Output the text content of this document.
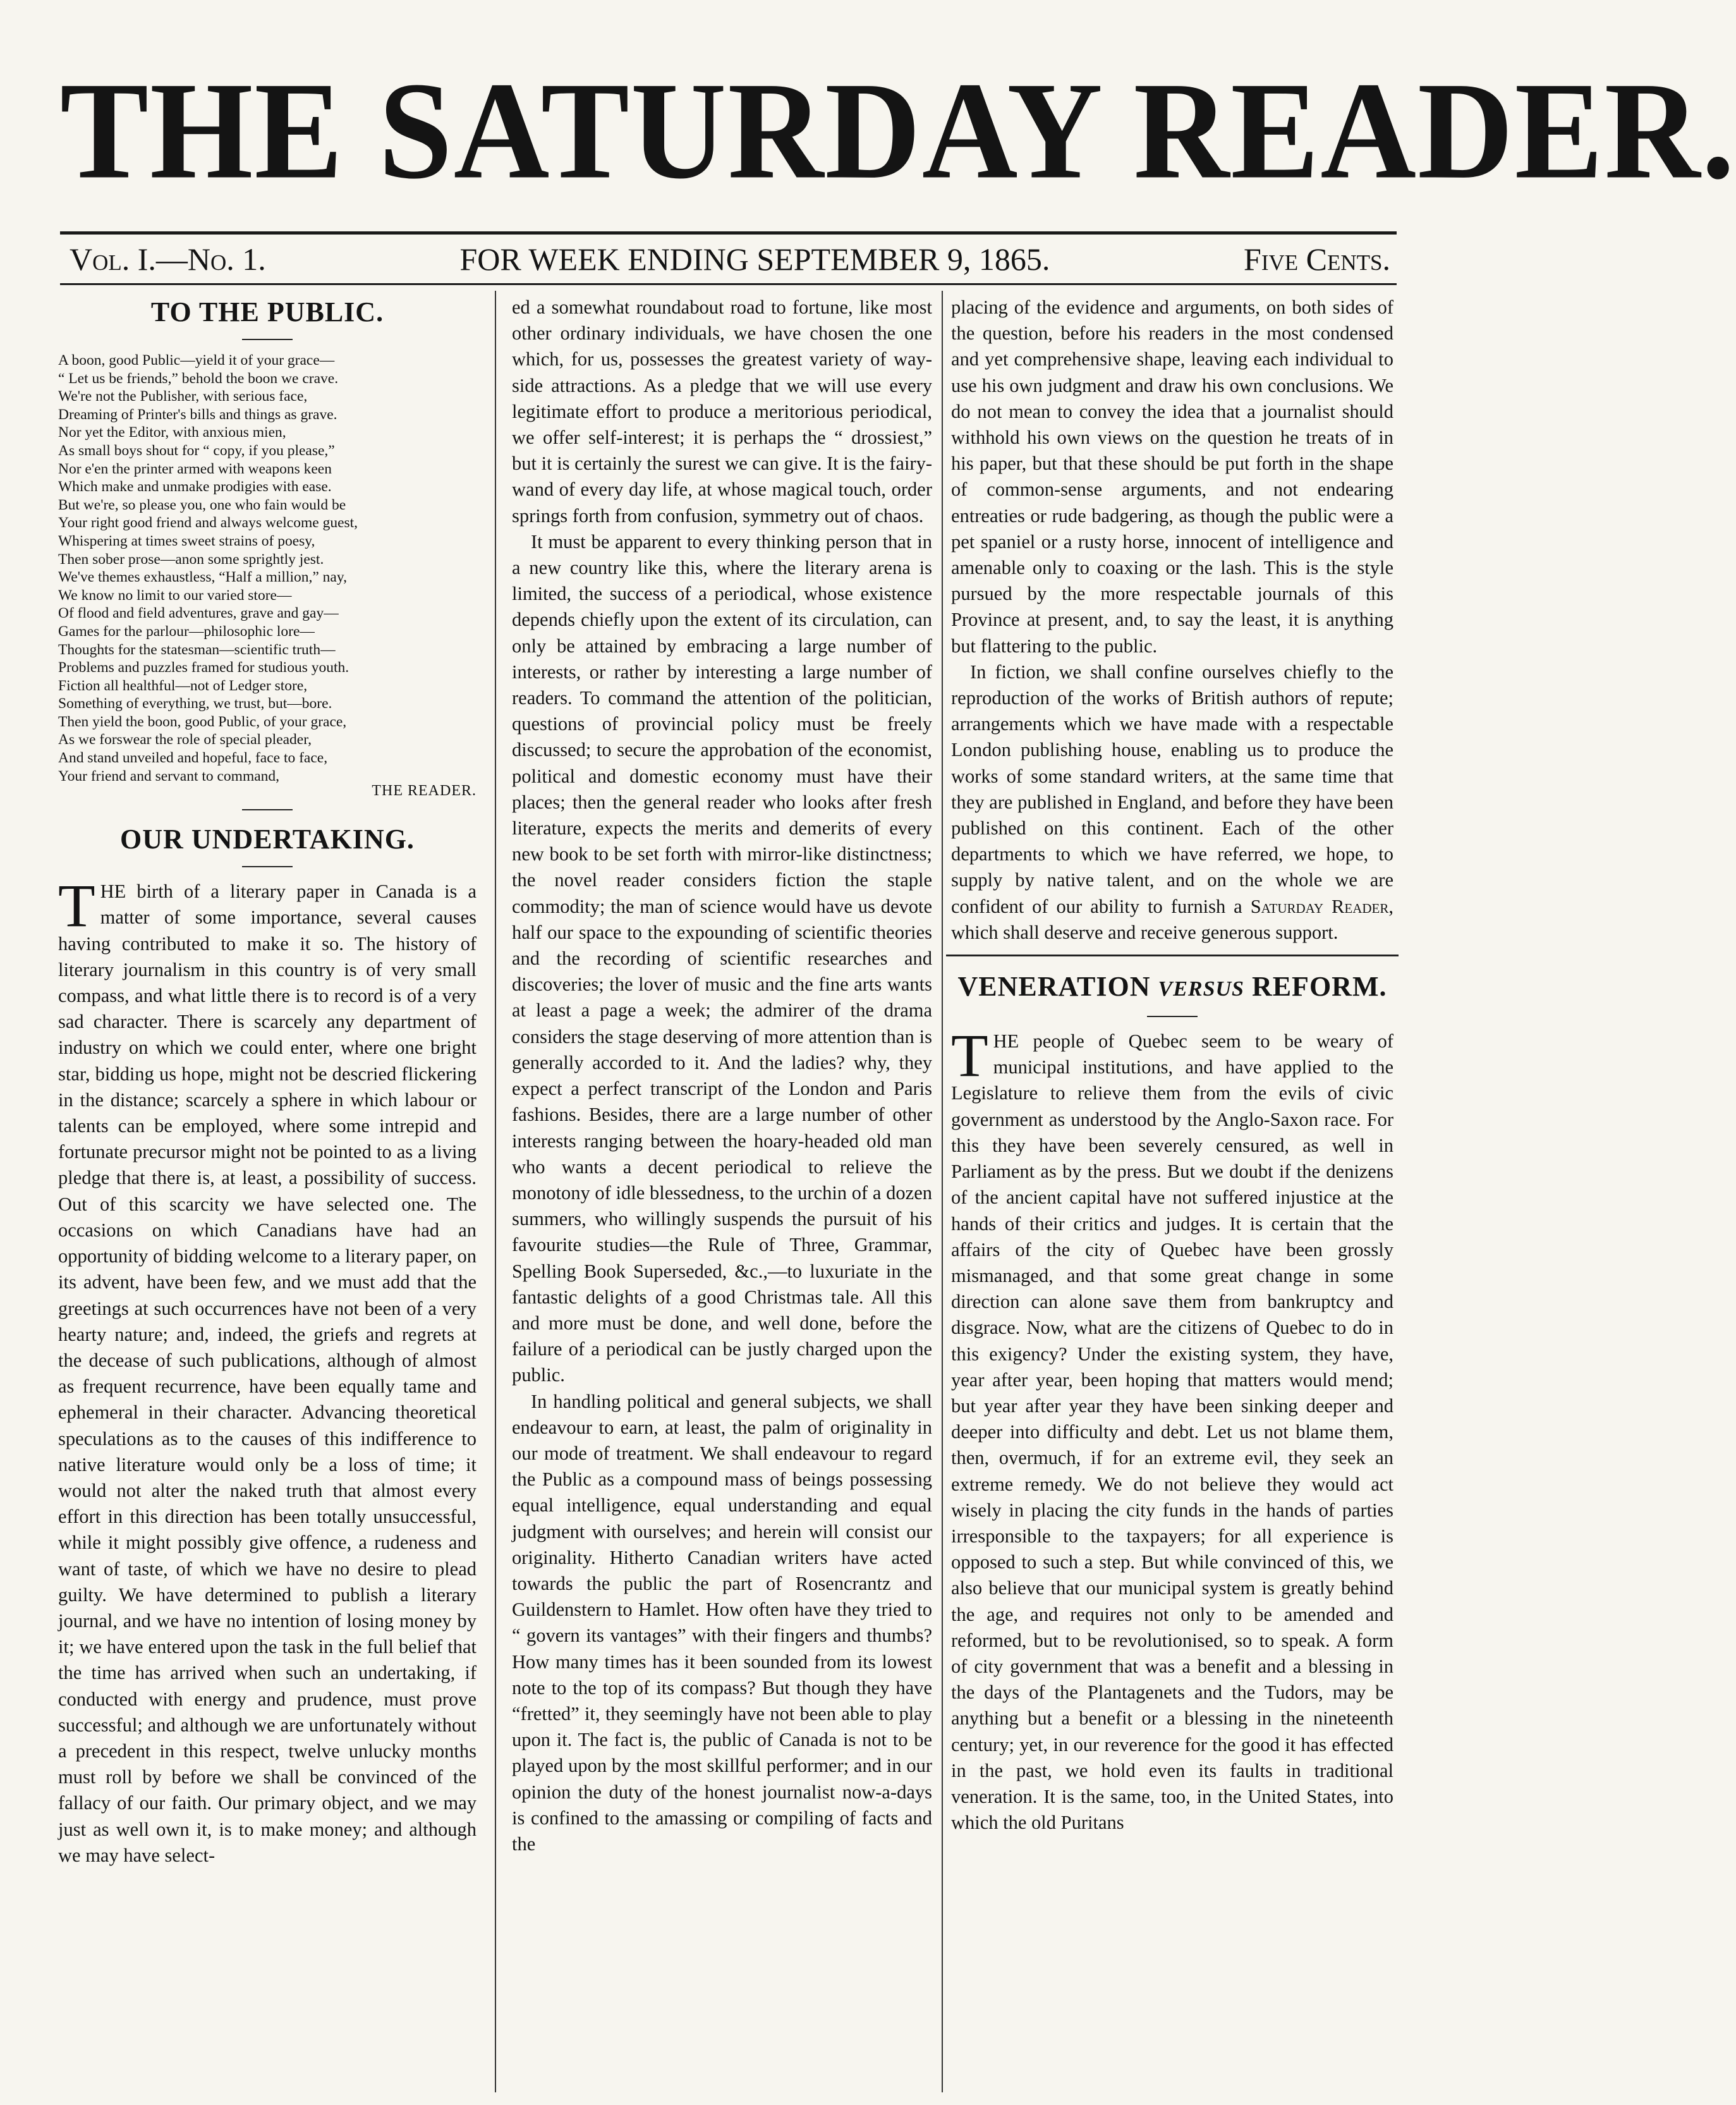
THE SATURDAY READER.
Vol. I.—No. 1.	FOR WEEK ENDING SEPTEMBER 9, 1865.	Five Cents.
TO THE PUBLIC.
A boon, good Public—yield it of your grace—
“ Let us be friends,” behold the boon we crave.
We're not the Publisher, with serious face,
Dreaming of Printer's bills and things as grave.
Nor yet the Editor, with anxious mien,
As small boys shout for “ copy, if you please,”
Nor e'en the printer armed with weapons keen
Which make and unmake prodigies with ease.
But we're, so please you, one who fain would be
Your right good friend and always welcome guest,
Whispering at times sweet strains of poesy,
Then sober prose—anon some sprightly jest.
We've themes exhaustless, “Half a million,” nay,
We know no limit to our varied store—
Of flood and field adventures, grave and gay—
Games for the parlour—philosophic lore—
Thoughts for the statesman—scientific truth—
Problems and puzzles framed for studious youth.
Fiction all healthful—not of Ledger store,
Something of everything, we trust, but—bore.
Then yield the boon, good Public, of your grace,
As we forswear the role of special pleader,
And stand unveiled and hopeful, face to face,
Your friend and servant to command,
THE READER.
OUR UNDERTAKING.

THE birth of a literary paper in Canada is a matter of some importance, several causes having contributed to make it so. The history of literary journalism in this country is of very small compass, and what little there is to record is of a very sad character. There is scarcely any department of industry on which we could enter, where one bright star, bidding us hope, might not be descried flickering in the distance; scarcely a sphere in which labour or talents can be employed, where some intrepid and fortunate precursor might not be pointed to as a living pledge that there is, at least, a possibility of success. Out of this scarcity we have selected one. The occasions on which Canadians have had an opportunity of bidding welcome to a literary paper, on its advent, have been few, and we must add that the greetings at such occurrences have not been of a very hearty nature; and, indeed, the griefs and regrets at the decease of such publications, although of almost as frequent recurrence, have been equally tame and ephemeral in their character. Advancing theoretical speculations as to the causes of this indifference to native literature would only be a loss of time; it would not alter the naked truth that almost every effort in this direction has been totally unsuccessful, while it might possibly give offence, a rudeness and want of taste, of which we have no desire to plead guilty. We have determined to publish a literary journal, and we have no intention of losing money by it; we have entered upon the task in the full belief that the time has arrived when such an undertaking, if conducted with energy and prudence, must prove successful; and although we are unfortunately without a precedent in this respect, twelve unlucky months must roll by before we shall be convinced of the fallacy of our faith. Our primary object, and we may just as well own it, is to make money; and although we may have select-

ed a somewhat roundabout road to fortune, like most other ordinary individuals, we have chosen the one which, for us, possesses the greatest variety of way-side attractions. As a pledge that we will use every legitimate effort to produce a meritorious periodical, we offer self-interest; it is perhaps the “ drossiest,” but it is certainly the surest we can give. It is the fairy-wand of every day life, at whose magical touch, order springs forth from confusion, symmetry out of chaos.

It must be apparent to every thinking person that in a new country like this, where the literary arena is limited, the success of a periodical, whose existence depends chiefly upon the extent of its circulation, can only be attained by embracing a large number of interests, or rather by interesting a large number of readers. To command the attention of the politician, questions of provincial policy must be freely discussed; to secure the approbation of the economist, political and domestic economy must have their places; then the general reader who looks after fresh literature, expects the merits and demerits of every new book to be set forth with mirror-like distinctness; the novel reader considers fiction the staple commodity; the man of science would have us devote half our space to the expounding of scientific theories and the recording of scientific researches and discoveries; the lover of music and the fine arts wants at least a page a week; the admirer of the drama considers the stage deserving of more attention than is generally accorded to it. And the ladies? why, they expect a perfect transcript of the London and Paris fashions. Besides, there are a large number of other interests ranging between the hoary-headed old man who wants a decent periodical to relieve the monotony of idle blessedness, to the urchin of a dozen summers, who willingly suspends the pursuit of his favourite studies—the Rule of Three, Grammar, Spelling Book Superseded, &c.,—to luxuriate in the fantastic delights of a good Christmas tale. All this and more must be done, and well done, before the failure of a periodical can be justly charged upon the public.

In handling political and general subjects, we shall endeavour to earn, at least, the palm of originality in our mode of treatment. We shall endeavour to regard the Public as a compound mass of beings possessing equal intelligence, equal understanding and equal judgment with ourselves; and herein will consist our originality. Hitherto Canadian writers have acted towards the public the part of Rosencrantz and Guildenstern to Hamlet. How often have they tried to “ govern its vantages” with their fingers and thumbs? How many times has it been sounded from its lowest note to the top of its compass? But though they have “fretted” it, they seemingly have not been able to play upon it. The fact is, the public of Canada is not to be played upon by the most skillful performer; and in our opinion the duty of the honest journalist now-a-days is confined to the amassing or compiling of facts and the

placing of the evidence and arguments, on both sides of the question, before his readers in the most condensed and yet comprehensive shape, leaving each individual to use his own judgment and draw his own conclusions. We do not mean to convey the idea that a journalist should withhold his own views on the question he treats of in his paper, but that these should be put forth in the shape of common-sense arguments, and not endearing entreaties or rude badgering, as though the public were a pet spaniel or a rusty horse, innocent of intelligence and amenable only to coaxing or the lash. This is the style pursued by the more respectable journals of this Province at present, and, to say the least, it is anything but flattering to the public.

In fiction, we shall confine ourselves chiefly to the reproduction of the works of British authors of repute; arrangements which we have made with a respectable London publishing house, enabling us to produce the works of some standard writers, at the same time that they are published in England, and before they have been published on this continent. Each of the other departments to which we have referred, we hope, to supply by native talent, and on the whole we are confident of our ability to furnish a Saturday Reader, which shall deserve and receive generous support.

VENERATION VERSUS REFORM.

THE people of Quebec seem to be weary of municipal institutions, and have applied to the Legislature to relieve them from the evils of civic government as understood by the Anglo-Saxon race. For this they have been severely censured, as well in Parliament as by the press. But we doubt if the denizens of the ancient capital have not suffered injustice at the hands of their critics and judges. It is certain that the affairs of the city of Quebec have been grossly mismanaged, and that some great change in some direction can alone save them from bankruptcy and disgrace. Now, what are the citizens of Quebec to do in this exigency? Under the existing system, they have, year after year, been hoping that matters would mend; but year after year they have been sinking deeper and deeper into difficulty and debt. Let us not blame them, then, overmuch, if for an extreme evil, they seek an extreme remedy. We do not believe they would act wisely in placing the city funds in the hands of parties irresponsible to the taxpayers; for all experience is opposed to such a step. But while convinced of this, we also believe that our municipal system is greatly behind the age, and requires not only to be amended and reformed, but to be revolutionised, so to speak. A form of city government that was a benefit and a blessing in the days of the Plantagenets and the Tudors, may be anything but a benefit or a blessing in the nineteenth century; yet, in our reverence for the good it has effected in the past, we hold even its faults in traditional veneration. It is the same, too, in the United States, into which the old Puritans
